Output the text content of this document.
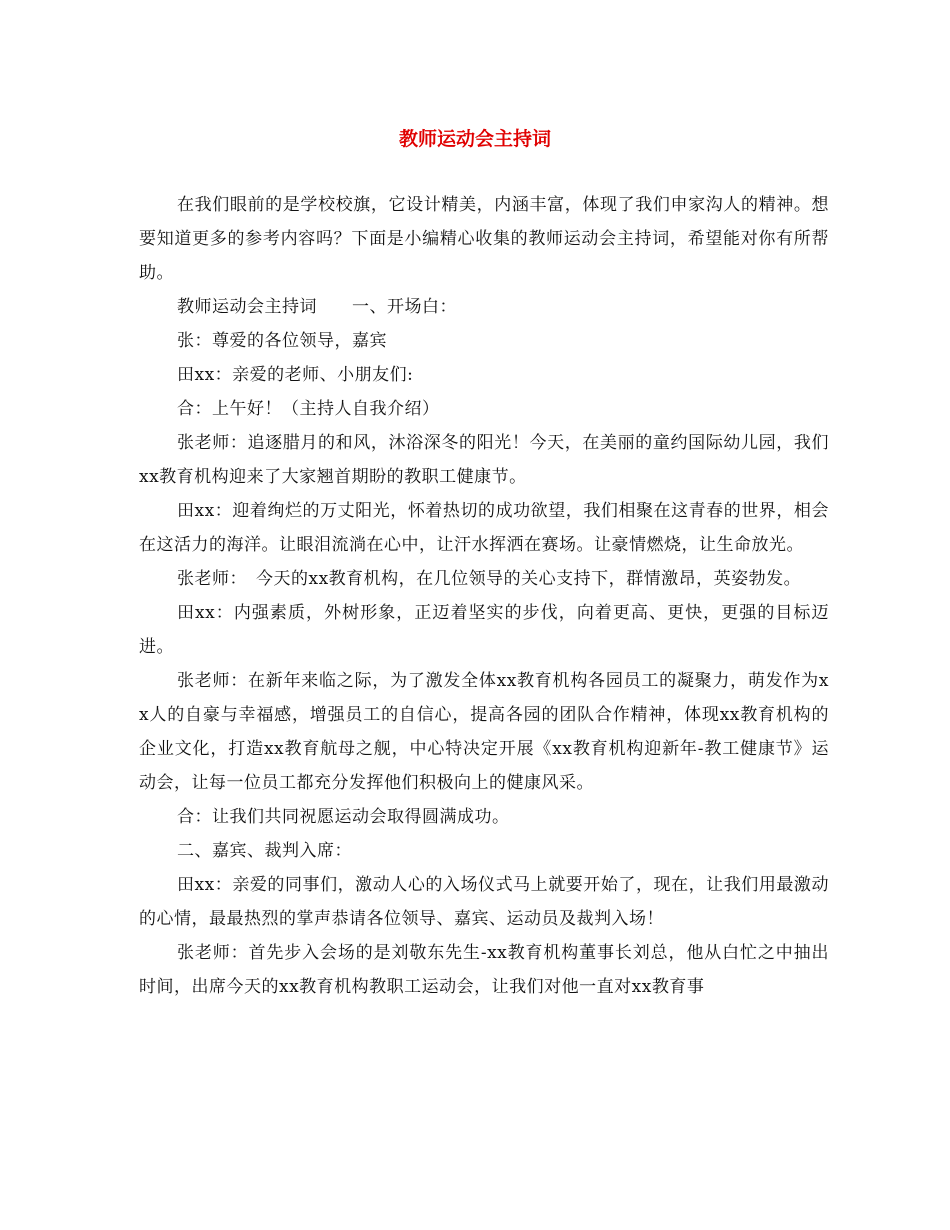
教师运动会主持词

在我们眼前的是学校校旗，它设计精美，内涵丰富，体现了我们申家沟人的精神。想要知道更多的参考内容吗？下面是小编精心收集的教师运动会主持词，希望能对你有所帮助。

教师运动会主持词　　一、开场白：

张：尊爱的各位领导，嘉宾

田xx：亲爱的老师、小朋友们:

合：上午好！（主持人自我介绍）

张老师：追逐腊月的和风，沐浴深冬的阳光！今天，在美丽的童约国际幼儿园，我们xx教育机构迎来了大家翘首期盼的教职工健康节。

田xx：迎着绚烂的万丈阳光，怀着热切的成功欲望，我们相聚在这青春的世界，相会在这活力的海洋。让眼泪流淌在心中，让汗水挥洒在赛场。让豪情燃烧，让生命放光。

张老师：　今天的xx教育机构，在几位领导的关心支持下，群情激昂，英姿勃发。

田xx：内强素质，外树形象，正迈着坚实的步伐，向着更高、更快，更强的目标迈进。

张老师：在新年来临之际，为了激发全体xx教育机构各园员工的凝聚力，萌发作为xx人的自豪与幸福感，增强员工的自信心，提高各园的团队合作精神，体现xx教育机构的企业文化，打造xx教育航母之舰，中心特决定开展《xx教育机构迎新年-教工健康节》运动会，让每一位员工都充分发挥他们积极向上的健康风采。

合：让我们共同祝愿运动会取得圆满成功。

二、嘉宾、裁判入席：

田xx：亲爱的同事们，激动人心的入场仪式马上就要开始了，现在，让我们用最激动的心情，最最热烈的掌声恭请各位领导、嘉宾、运动员及裁判入场！

张老师：首先步入会场的是刘敬东先生-xx教育机构董事长刘总，他从白忙之中抽出时间，出席今天的xx教育机构教职工运动会，让我们对他一直对xx教育事
